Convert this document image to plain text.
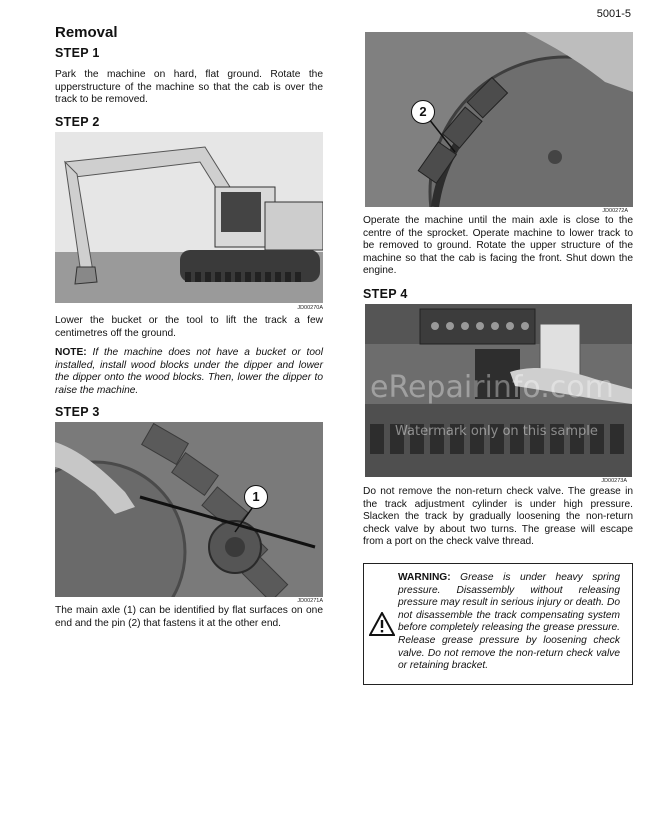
5001-5
Removal
STEP 1
Park the machine on hard, flat ground. Rotate the upperstructure of the machine so that the cab is over the track to be removed.
STEP 2
JD00270A
Lower the bucket or the tool to lift the track a few centimetres off the ground.
NOTE: If the machine does not have a bucket or tool installed, install wood blocks under the dipper and lower the dipper onto the wood blocks. Then, lower the dipper to raise the machine.
STEP 3
1
JD00271A
The main axle (1) can be identified by flat surfaces on one end and the pin (2) that fastens it at the other end.
2
JD00272A
Operate the machine until the main axle is close to the centre of the sprocket. Operate machine to lower track to be removed to ground. Rotate the upper structure of the machine so that the cab is facing the front. Shut down the engine.
STEP 4
eRepairinfo.com
Watermark only on this sample
JD00273A
Do not remove the non-return check valve. The grease in the track adjustment cylinder is under high pressure. Slacken the track by gradually loosening the non-return check valve by about two turns. The grease will escape from a port on the check valve thread.
WARNING: Grease is under heavy spring pressure. Disassembly without releasing pressure may result in serious injury or death. Do not disassemble the track compensating system before completely releasing the grease pressure. Release grease pressure by loosening check valve. Do not remove the non-return check valve or retaining bracket.
